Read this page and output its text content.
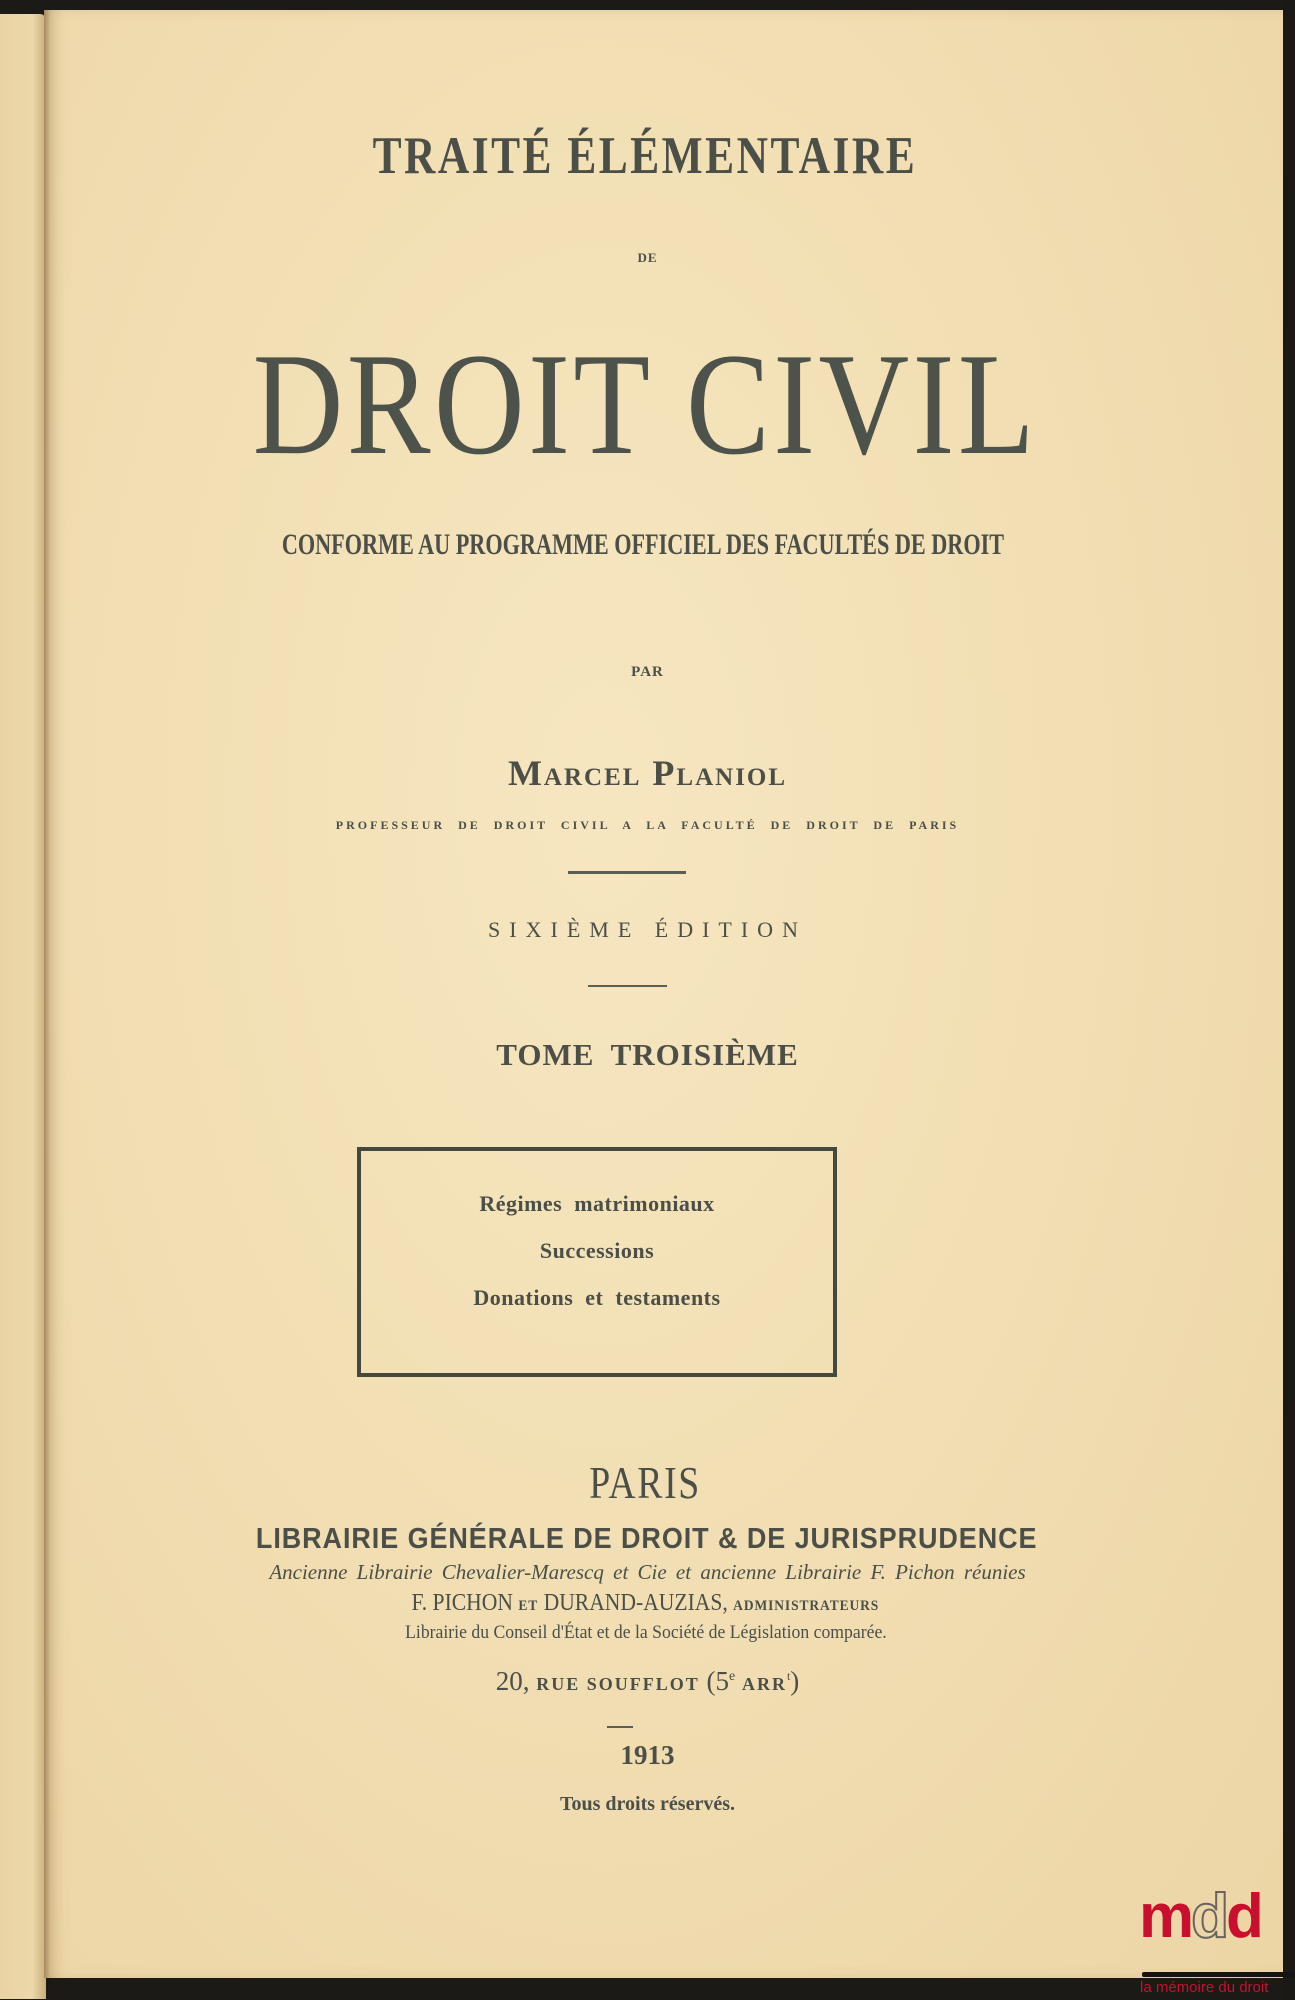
TRAITÉ ÉLÉMENTAIRE
DE
DROIT CIVIL
CONFORME AU PROGRAMME OFFICIEL DES FACULTÉS DE DROIT
PAR
Marcel Planiol
PROFESSEUR DE DROIT CIVIL A LA FACULTÉ DE DROIT DE PARIS
SIXIÈME ÉDITION
TOME TROISIÈME
Régimes matrimoniaux
Successions
Donations et testaments
PARIS
LIBRAIRIE GÉNÉRALE DE DROIT & DE JURISPRUDENCE
Ancienne Librairie Chevalier-Marescq et Cie et ancienne Librairie F. Pichon réunies
F. PICHON ET DURAND-AUZIAS, ADMINISTRATEURS
Librairie du Conseil d'État et de la Société de Législation comparée.
20, RUE SOUFFLOT (5e ARR$^t$)
1913
Tous droits réservés.
mdd
la mémoire du droit
